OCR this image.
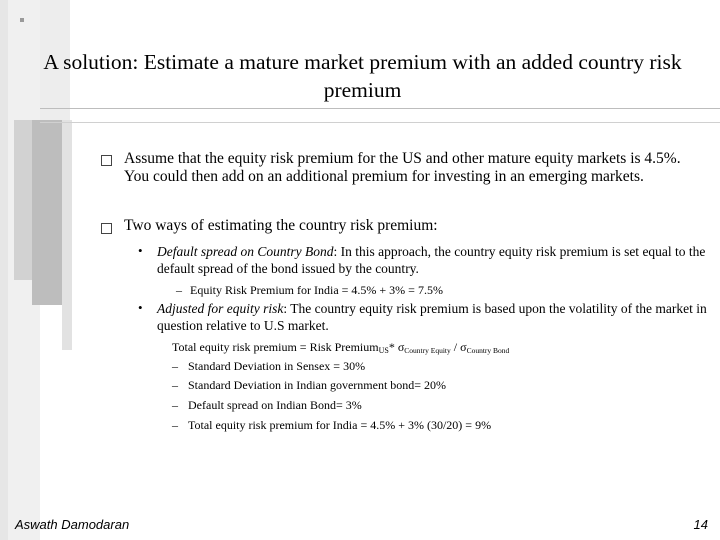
A solution: Estimate a mature market premium with an added country risk premium
Assume that the equity risk premium for the US and other mature equity markets is 4.5%. You could then add on an additional premium for investing in an emerging markets.
Two ways of estimating the country risk premium:
• Default spread on Country Bond: In this approach, the country equity risk premium is set equal to the default spread of the bond issued by the country.
– Equity Risk Premium for India = 4.5% + 3% = 7.5%
• Adjusted for equity risk: The country equity risk premium is based upon the volatility of the market in question relative to U.S market.
Total equity risk premium = Risk Premium$_{US}$* σCountry Equity / σCountry Bond
– Standard Deviation in Sensex = 30%
– Standard Deviation in Indian government bond= 20%
– Default spread on Indian Bond= 3%
– Total equity risk premium for India = 4.5% + 3% (30/20) = 9%
Aswath Damodaran	14
